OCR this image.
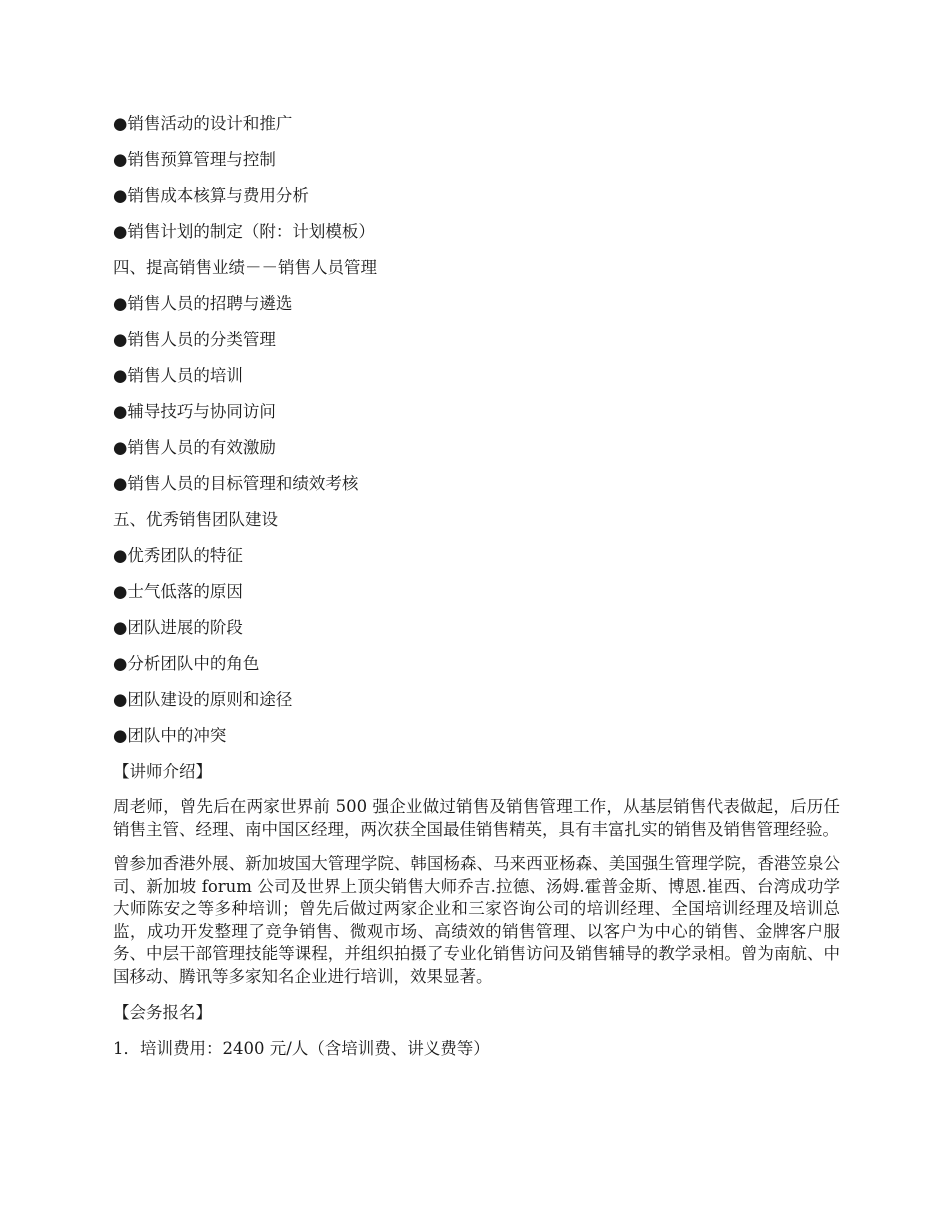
●销售活动的设计和推广
●销售预算管理与控制
●销售成本核算与费用分析
●销售计划的制定（附：计划模板）
四、提高销售业绩－－销售人员管理
●销售人员的招聘与遴选
●销售人员的分类管理
●销售人员的培训
●辅导技巧与协同访问
●销售人员的有效激励
●销售人员的目标管理和绩效考核
五、优秀销售团队建设
●优秀团队的特征
●士气低落的原因
●团队进展的阶段
●分析团队中的角色
●团队建设的原则和途径
●团队中的冲突
【讲师介绍】
周老师，曾先后在两家世界前 500 强企业做过销售及销售管理工作，从基层销售代表做起，后历任销售主管、经理、南中国区经理，两次获全国最佳销售精英，具有丰富扎实的销售及销售管理经验。
曾参加香港外展、新加坡国大管理学院、韩国杨森、马来西亚杨森、美国强生管理学院，香港笠泉公司、新加坡 forum 公司及世界上顶尖销售大师乔吉.拉德、汤姆.霍普金斯、博恩.崔西、台湾成功学大师陈安之等多种培训；曾先后做过两家企业和三家咨询公司的培训经理、全国培训经理及培训总监，成功开发整理了竞争销售、微观市场、高绩效的销售管理、以客户为中心的销售、金牌客户服务、中层干部管理技能等课程，并组织拍摄了专业化销售访问及销售辅导的教学录相。曾为南航、中国移动、腾讯等多家知名企业进行培训，效果显著。
【会务报名】
1．培训费用：2400 元/人（含培训费、讲义费等）
